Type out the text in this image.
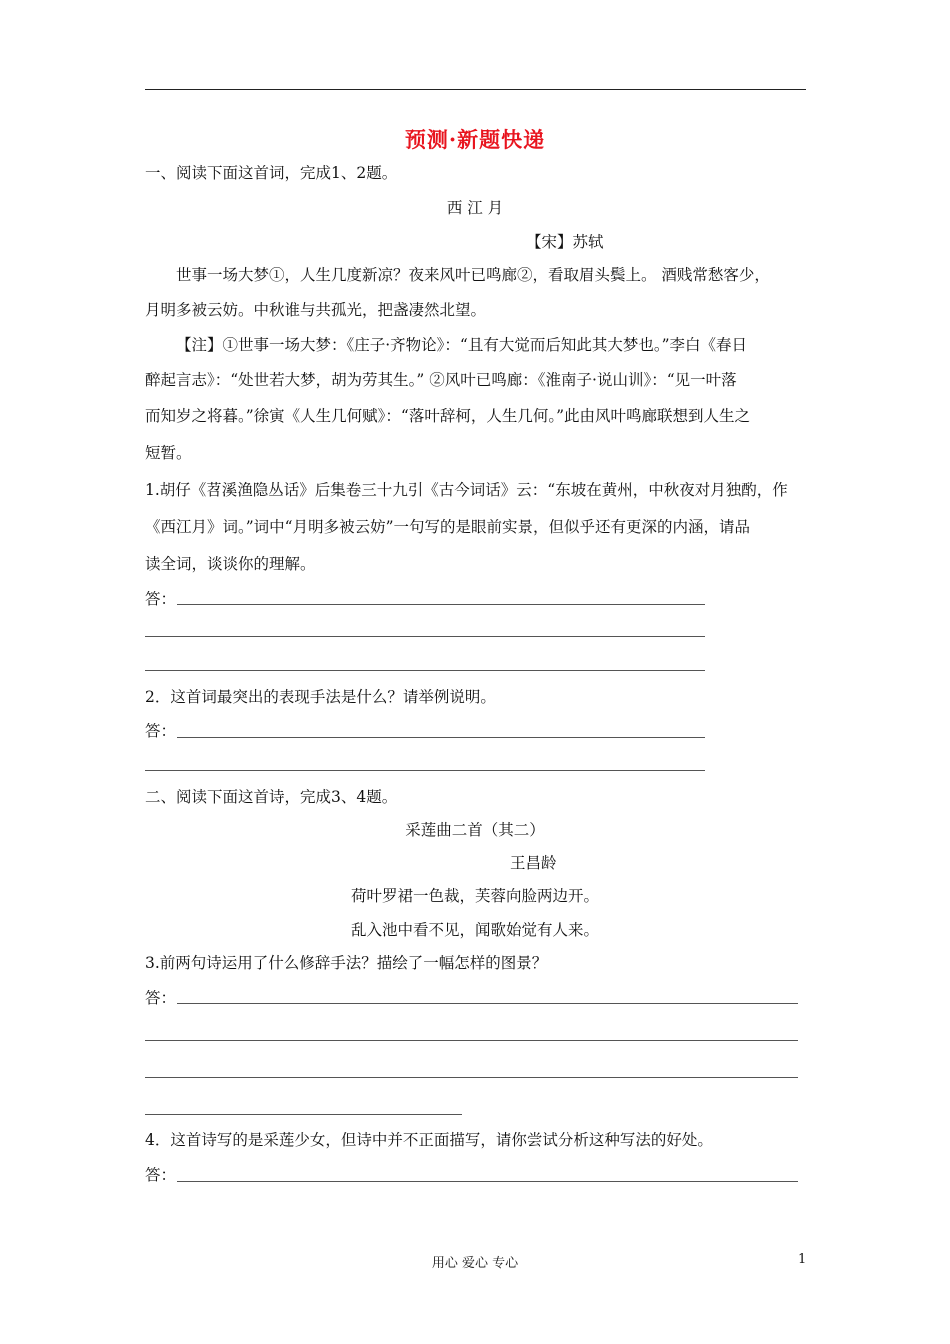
预测·新题快递
一、阅读下面这首词，完成1、2题。
西 江 月
【宋】苏轼
世事一场大梦①，人生几度新凉？夜来风叶已鸣廊②，看取眉头鬓上。 酒贱常愁客少，
月明多被云妨。中秋谁与共孤光，把盏凄然北望。
【注】①世事一场大梦：《庄子·齐物论》：“且有大觉而后知此其大梦也。”李白《春日
醉起言志》：“处世若大梦，胡为劳其生。” ②风叶已鸣廊：《淮南子·说山训》：“见一叶落
而知岁之将暮。”徐寅《人生几何赋》：“落叶辞柯，人生几何。”此由风叶鸣廊联想到人生之
短暂。
1.胡仔《苕溪渔隐丛话》后集卷三十九引《古今词话》云：“东坡在黄州，中秋夜对月独酌，作
《西江月》词。”词中“月明多被云妨”一句写的是眼前实景，但似乎还有更深的内涵，请品
读全词，谈谈你的理解。
答：
2．这首词最突出的表现手法是什么？请举例说明。
答：
二、阅读下面这首诗，完成3、4题。
采莲曲二首（其二）
王昌龄
荷叶罗裙一色裁，芙蓉向脸两边开。
乱入池中看不见，闻歌始觉有人来。
3.前两句诗运用了什么修辞手法？描绘了一幅怎样的图景？
答：
4．这首诗写的是采莲少女，但诗中并不正面描写，请你尝试分析这种写法的好处。
答：
用心 爱心 专心	1
